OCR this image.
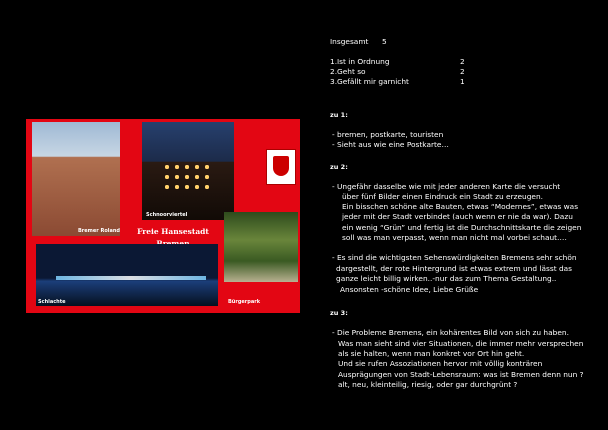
Bremer Roland
Schnoorviertel
Freie Hansestadt
Schlachte	Bürgerpark
Insgesamt 5
1. Ist in Ordnung	2
2. Geht so	2
3. Gefällt mir garnicht	1
zu 1:
- bremen, postkarte, touristen
- Sieht aus wie eine Postkarte…
zu 2:
- Ungefähr dasselbe wie mit jeder anderen Karte die versucht
über fünf Bilder einen Eindruck ein Stadt zu erzeugen.
Ein bisschen schöne alte Bauten, etwas “Modernes”, etwas was
jeder mit der Stadt verbindet (auch wenn er nie da war). Dazu
ein wenig “Grün” und fertig ist die Durchschnittskarte die zeigen
soll was man verpasst, wenn man nicht mal vorbei schaut….
- Es sind die wichtigsten Sehenswürdigkeiten Bremens sehr schön
dargestellt, der rote Hintergrund ist etwas extrem und lässt das
ganze leicht billig wirken..-nur das zum Thema Gestaltung..
Ansonsten -schöne Idee, Liebe Grüße
zu 3:
- Die Probleme Bremens, ein kohärentes Bild von sich zu haben.
Was man sieht sind vier Situationen, die immer mehr versprechen
als sie halten, wenn man konkret vor Ort hin geht.
Und sie rufen Assoziationen hervor mit völlig konträren
Ausprägungen von Stadt-Lebensraum: was ist Bremen denn nun ?
alt, neu, kleinteilig, riesig, oder gar durchgrünt ?
